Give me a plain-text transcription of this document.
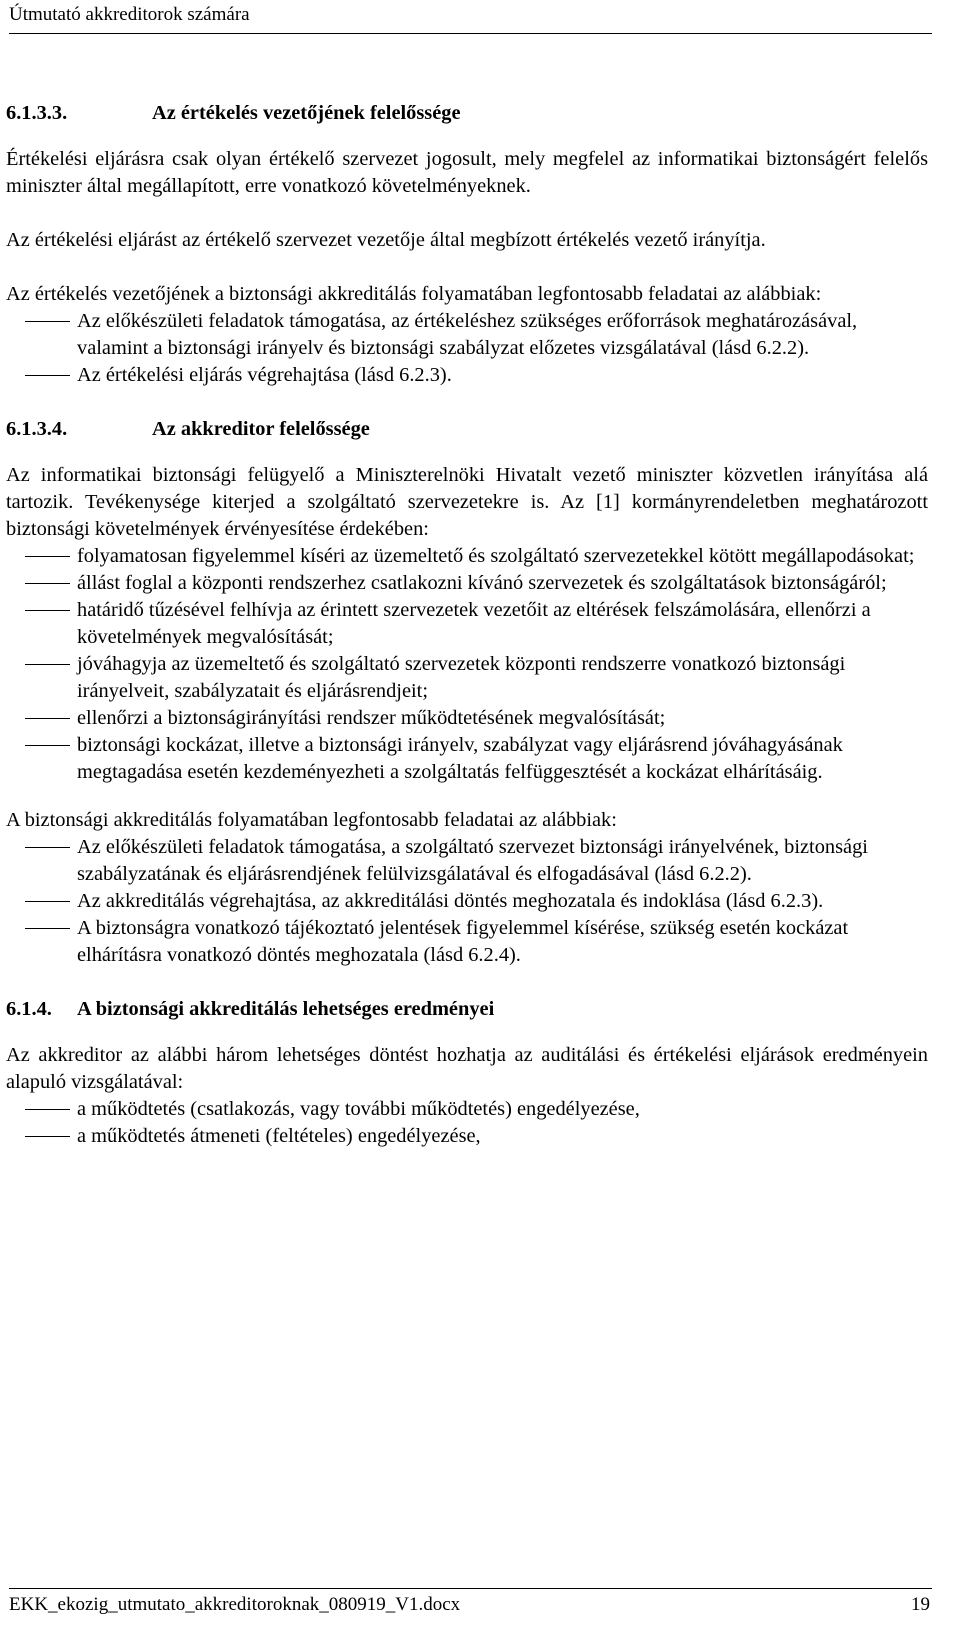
Útmutató akkreditorok számára
6.1.3.3.	Az értékelés vezetőjének felelőssége

Értékelési eljárásra csak olyan értékelő szervezet jogosult, mely megfelel az informatikai biztonságért felelős miniszter által megállapított, erre vonatkozó követelményeknek.

Az értékelési eljárást az értékelő szervezet vezetője által megbízott értékelés vezető irányítja.

Az értékelés vezetőjének a biztonsági akkreditálás folyamatában legfontosabb feladatai az alábbiak:

Az előkészületi feladatok támogatása, az értékeléshez szükséges erőforrások meghatározásával, valamint a biztonsági irányelv és biztonsági szabályzat előzetes vizsgálatával (lásd 6.2.2).
Az értékelési eljárás végrehajtása (lásd 6.2.3).
6.1.3.4.	Az akkreditor felelőssége

Az informatikai biztonsági felügyelő a Miniszterelnöki Hivatalt vezető miniszter közvetlen irányítása alá tartozik. Tevékenysége kiterjed a szolgáltató szervezetekre is. Az [1] kormányrendeletben meghatározott biztonsági követelmények érvényesítése érdekében:

folyamatosan figyelemmel kíséri az üzemeltető és szolgáltató szervezetekkel kötött megállapodásokat;
állást foglal a központi rendszerhez csatlakozni kívánó szervezetek és szolgáltatások biztonságáról;
határidő tűzésével felhívja az érintett szervezetek vezetőit az eltérések felszámolására, ellenőrzi a követelmények megvalósítását;
jóváhagyja az üzemeltető és szolgáltató szervezetek központi rendszerre vonatkozó biztonsági irányelveit, szabályzatait és eljárásrendjeit;
ellenőrzi a biztonságirányítási rendszer működtetésének megvalósítását;
biztonsági kockázat, illetve a biztonsági irányelv, szabályzat vagy eljárásrend jóváhagyásának megtagadása esetén kezdeményezheti a szolgáltatás felfüggesztését a kockázat elhárításáig.

A biztonsági akkreditálás folyamatában legfontosabb feladatai az alábbiak:

Az előkészületi feladatok támogatása, a szolgáltató szervezet biztonsági irányelvének, biztonsági szabályzatának és eljárásrendjének felülvizsgálatával és elfogadásával (lásd 6.2.2).
Az akkreditálás végrehajtása, az akkreditálási döntés meghozatala és indoklása (lásd 6.2.3).
A biztonságra vonatkozó tájékoztató jelentések figyelemmel kísérése, szükség esetén kockázat elhárításra vonatkozó döntés meghozatala (lásd 6.2.4).
6.1.4.	A biztonsági akkreditálás lehetséges eredményei

Az akkreditor az alábbi három lehetséges döntést hozhatja az auditálási és értékelési eljárások eredményein alapuló vizsgálatával:

a működtetés (csatlakozás, vagy további működtetés) engedélyezése,
a működtetés átmeneti (feltételes) engedélyezése,
EKK_ekozig_utmutato_akkreditoroknak_080919_V1.docx	19
